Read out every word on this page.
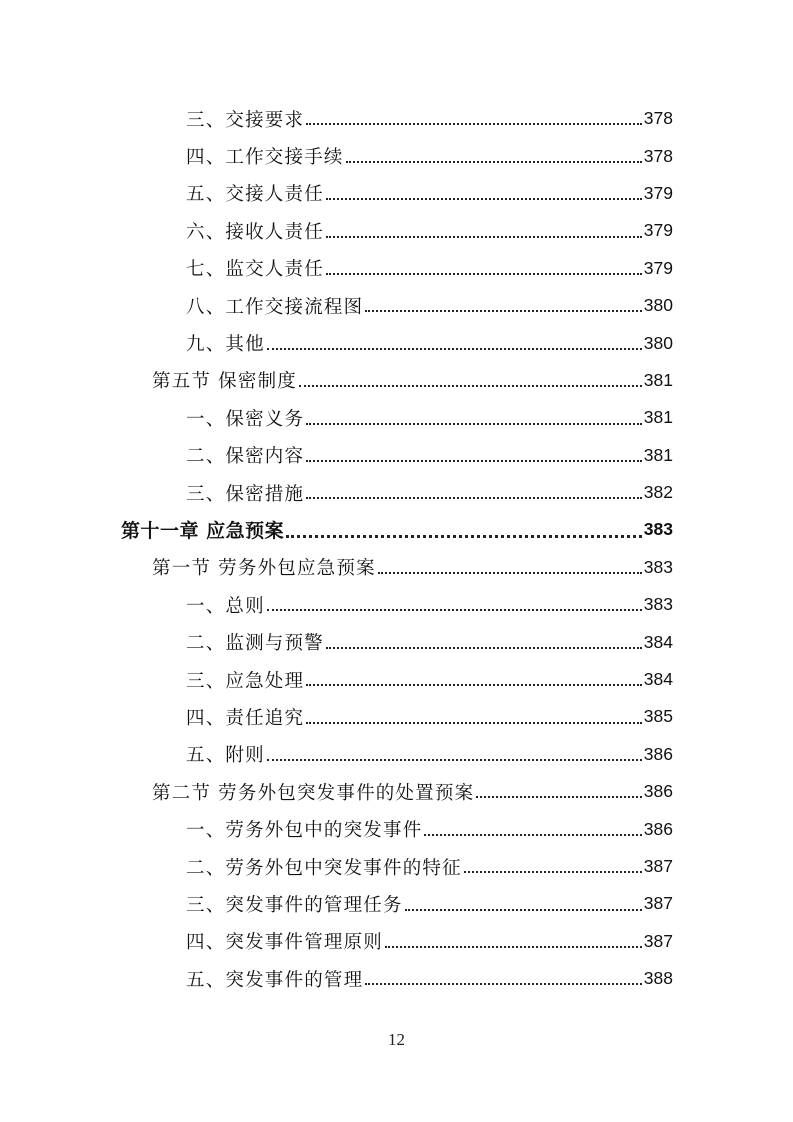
三、交接要求	378
四、工作交接手续	378
五、交接人责任	379
六、接收人责任	379
七、监交人责任	379
八、工作交接流程图	380
九、其他	380
第五节 保密制度	381
一、保密义务	381
二、保密内容	381
三、保密措施	382
第十一章 应急预案	383
第一节 劳务外包应急预案	383
一、总则	383
二、监测与预警	384
三、应急处理	384
四、责任追究	385
五、附则	386
第二节 劳务外包突发事件的处置预案	386
一、劳务外包中的突发事件	386
二、劳务外包中突发事件的特征	387
三、突发事件的管理任务	387
四、突发事件管理原则	387
五、突发事件的管理	388
12
